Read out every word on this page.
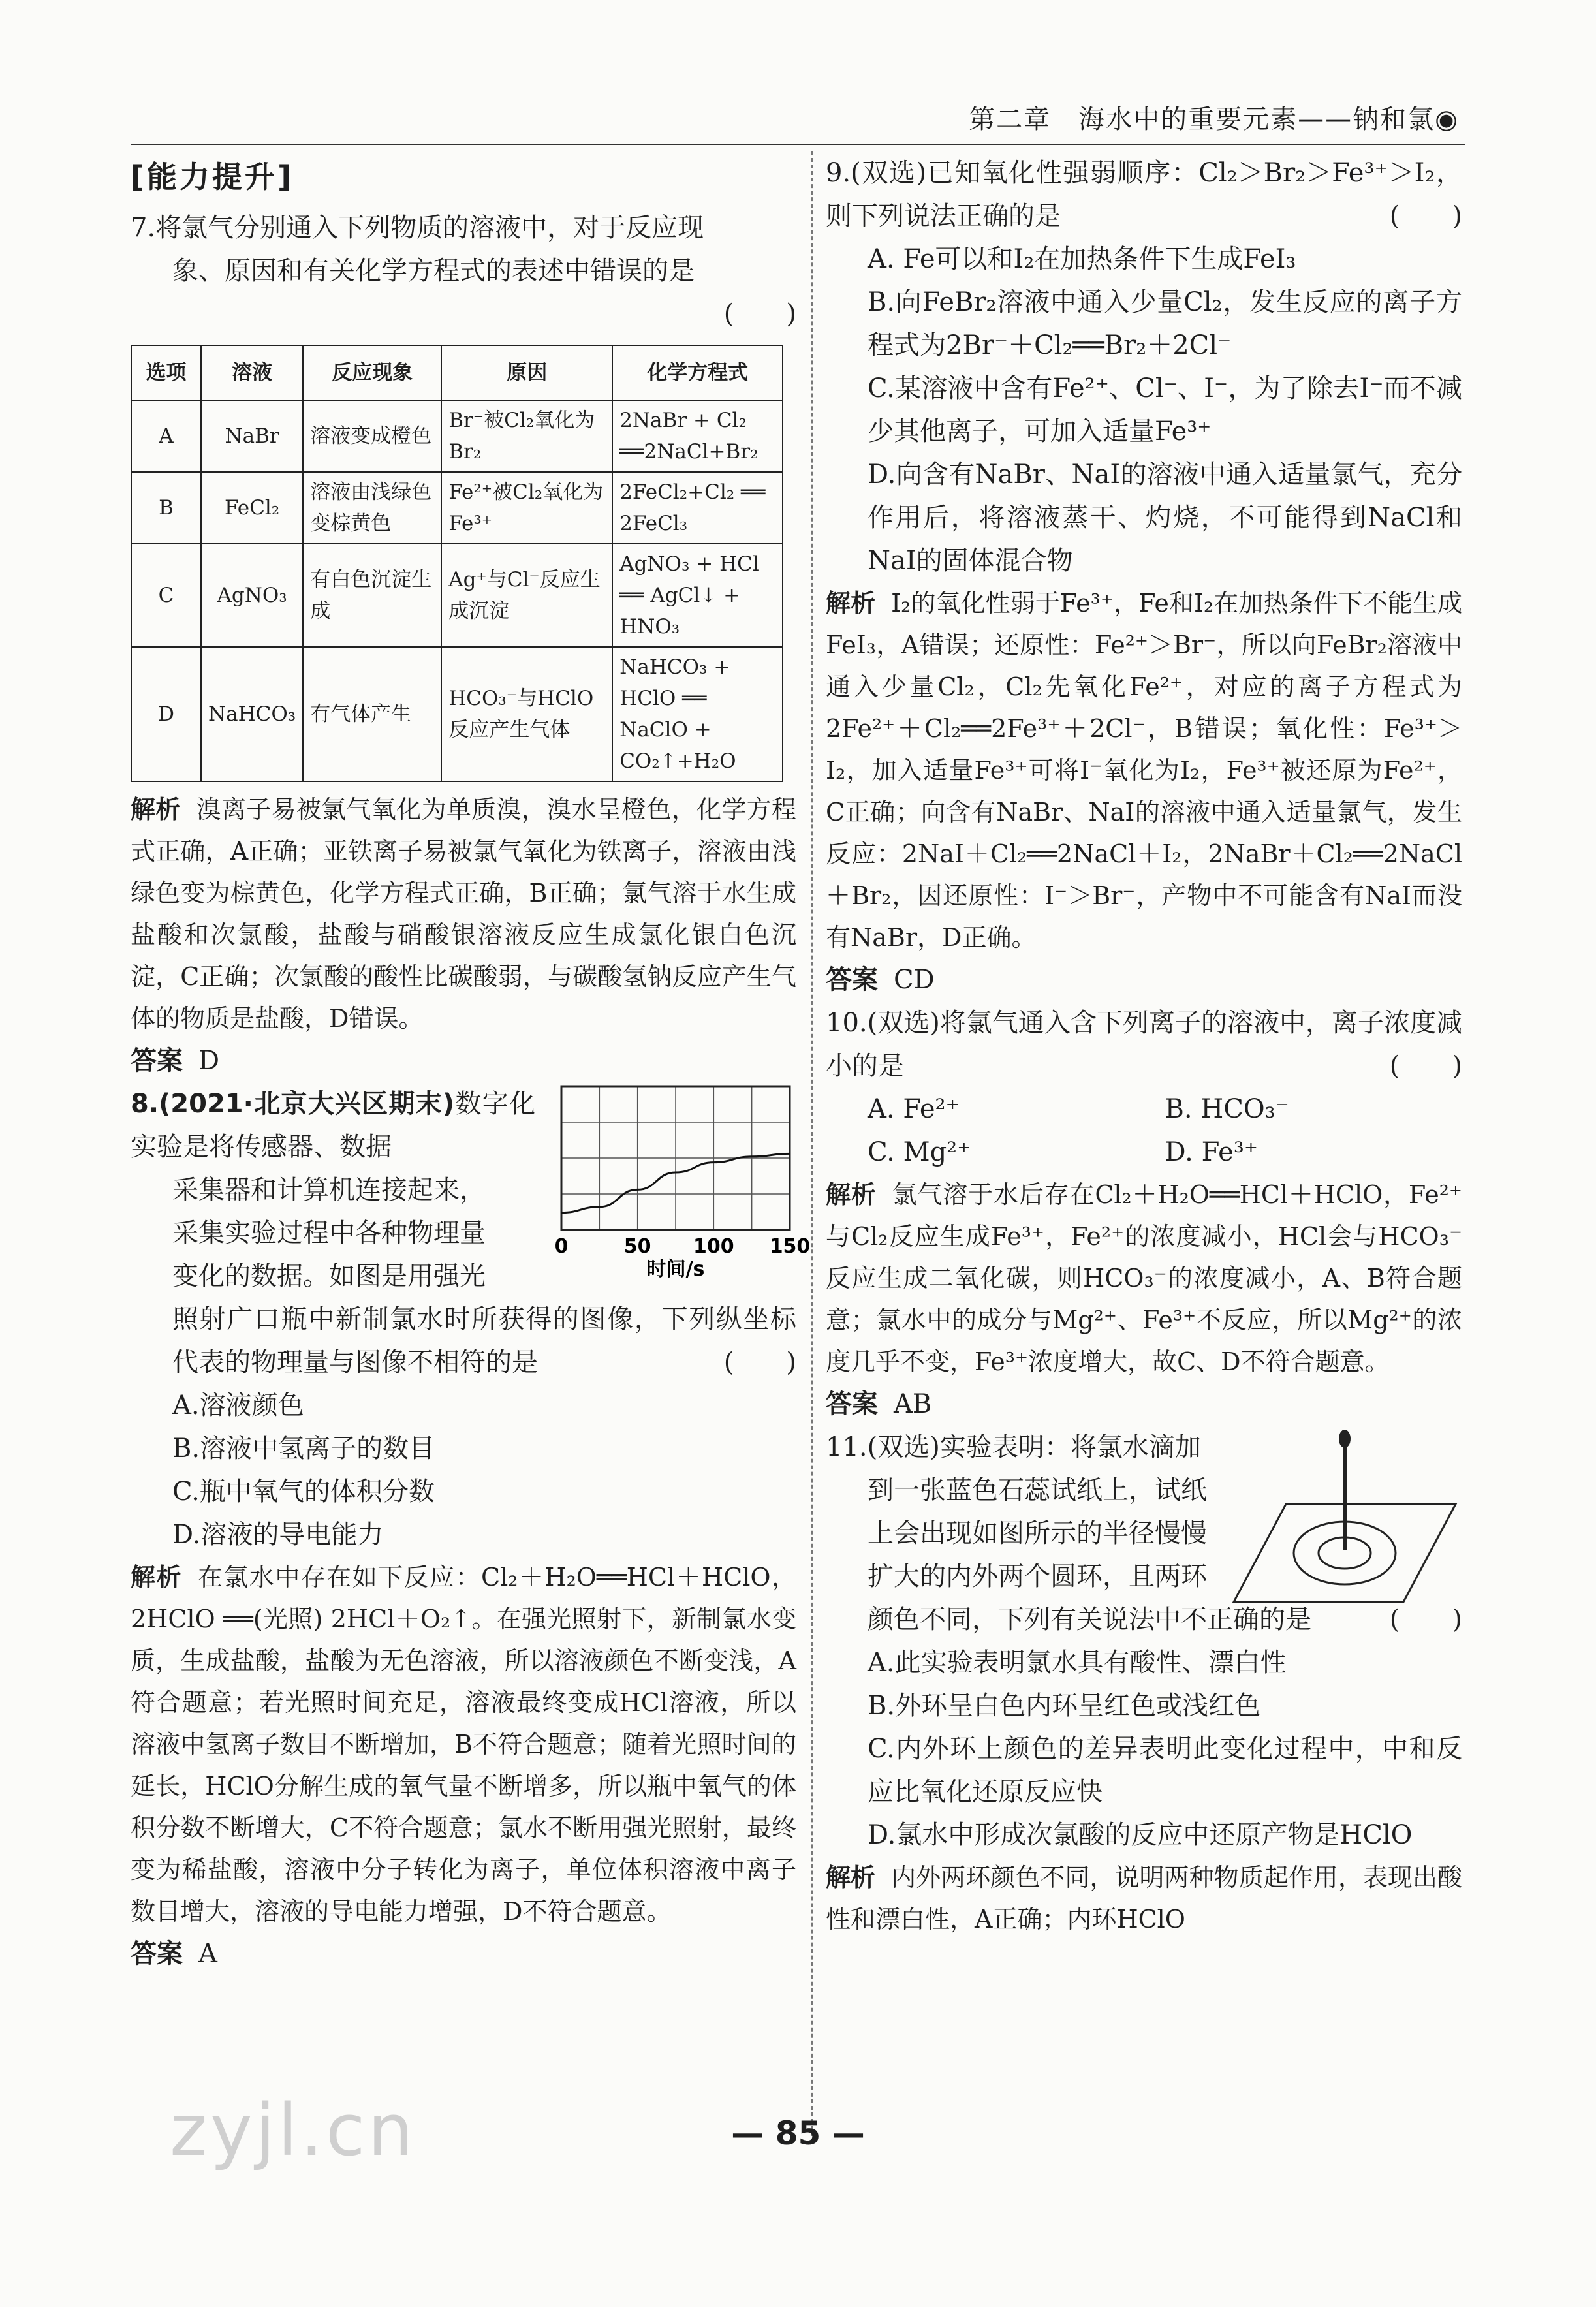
第二章　海水中的重要元素——钠和氯◉
[能力提升]

7.将氯气分别通入下列物质的溶液中，对于反应现

象、原因和有关化学方程式的表述中错误的是

(　　)

选项	溶液	反应现象	原因	化学方程式
A	NaBr	溶液变成橙色	Br⁻被Cl₂氧化为Br₂	2NaBr + Cl₂ ══2NaCl+Br₂
B	FeCl₂	溶液由浅绿色变棕黄色	Fe²⁺被Cl₂氧化为Fe³⁺	2FeCl₂+Cl₂ ══ 2FeCl₃
C	AgNO₃	有白色沉淀生成	Ag⁺与Cl⁻反应生成沉淀	AgNO₃ + HCl ══ AgCl↓ + HNO₃
D	NaHCO₃	有气体产生	HCO₃⁻与HClO反应产生气体	NaHCO₃ + HClO ══ NaClO + CO₂↑+H₂O

解析 溴离子易被氯气氧化为单质溴，溴水呈橙色，化学方程式正确，A正确；亚铁离子易被氯气氧化为铁离子，溶液由浅绿色变为棕黄色，化学方程式正确，B正确；氯气溶于水生成盐酸和次氯酸，盐酸与硝酸银溶液反应生成氯化银白色沉淀，C正确；次氯酸的酸性比碳酸弱，与碳酸氢钠反应产生气体的物质是盐酸，D错误。

答案 D

8.(2021·北京大兴区期末)数字化实验是将传感器、数据

采集器和计算机连接起来，

采集实验过程中各种物理量

变化的数据。如图是用强光

0	50 100 150
时间/s

照射广口瓶中新制氯水时所获得的图像，下列纵坐标代表的物理量与图像不相符的是	(　　)

A.溶液颜色

B.溶液中氢离子的数目

C.瓶中氧气的体积分数

D.溶液的导电能力

解析 在氯水中存在如下反应：Cl₂＋H₂O══HCl＋HClO，2HClO ══(光照) 2HCl＋O₂↑。在强光照射下，新制氯水变质，生成盐酸，盐酸为无色溶液，所以溶液颜色不断变浅，A符合题意；若光照时间充足，溶液最终变成HCl溶液，所以溶液中氢离子数目不断增加，B不符合题意；随着光照时间的延长，HClO分解生成的氧气量不断增多，所以瓶中氧气的体积分数不断增大，C不符合题意；氯水不断用强光照射，最终变为稀盐酸，溶液中分子转化为离子，单位体积溶液中离子数目增大，溶液的导电能力增强，D不符合题意。

答案 A

9.(双选)已知氧化性强弱顺序：Cl₂＞Br₂＞Fe³⁺＞I₂，则下列说法正确的是	(　　)

A. Fe可以和I₂在加热条件下生成FeI₃

B.向FeBr₂溶液中通入少量Cl₂，发生反应的离子方程式为2Br⁻＋Cl₂══Br₂＋2Cl⁻

C.某溶液中含有Fe²⁺、Cl⁻、I⁻，为了除去I⁻而不减少其他离子，可加入适量Fe³⁺

D.向含有NaBr、NaI的溶液中通入适量氯气，充分作用后，将溶液蒸干、灼烧，不可能得到NaCl和NaI的固体混合物

解析 I₂的氧化性弱于Fe³⁺，Fe和I₂在加热条件下不能生成FeI₃，A错误；还原性：Fe²⁺＞Br⁻，所以向FeBr₂溶液中通入少量Cl₂，Cl₂先氧化Fe²⁺，对应的离子方程式为2Fe²⁺＋Cl₂══2Fe³⁺＋2Cl⁻，B错误；氧化性：Fe³⁺＞I₂，加入适量Fe³⁺可将I⁻氧化为I₂，Fe³⁺被还原为Fe²⁺，C正确；向含有NaBr、NaI的溶液中通入适量氯气，发生反应：2NaI＋Cl₂══2NaCl＋I₂，2NaBr＋Cl₂══2NaCl＋Br₂，因还原性：I⁻＞Br⁻，产物中不可能含有NaI而没有NaBr，D正确。

答案 CD

10.(双选)将氯气通入含下列离子的溶液中，离子浓度减小的是	(　　)

A. Fe²⁺	B. HCO₃⁻
C. Mg²⁺	D. Fe³⁺

解析 氯气溶于水后存在Cl₂＋H₂O══HCl＋HClO，Fe²⁺与Cl₂反应生成Fe³⁺，Fe²⁺的浓度减小，HCl会与HCO₃⁻反应生成二氧化碳，则HCO₃⁻的浓度减小，A、B符合题意；氯水中的成分与Mg²⁺、Fe³⁺不反应，所以Mg²⁺的浓度几乎不变，Fe³⁺浓度增大，故C、D不符合题意。

答案 AB

11.(双选)实验表明：将氯水滴加

到一张蓝色石蕊试纸上，试纸

上会出现如图所示的半径慢慢

扩大的内外两个圆环，且两环

颜色不同，下列有关说法中不正确的是	(　　)

A.此实验表明氯水具有酸性、漂白性

B.外环呈白色内环呈红色或浅红色

C.内外环上颜色的差异表明此变化过程中，中和反应比氧化还原反应快

D.氯水中形成次氯酸的反应中还原产物是HClO

解析 内外两环颜色不同，说明两种物质起作用，表现出酸性和漂白性，A正确；内环HClO

zyjl.cn	— 85 —
